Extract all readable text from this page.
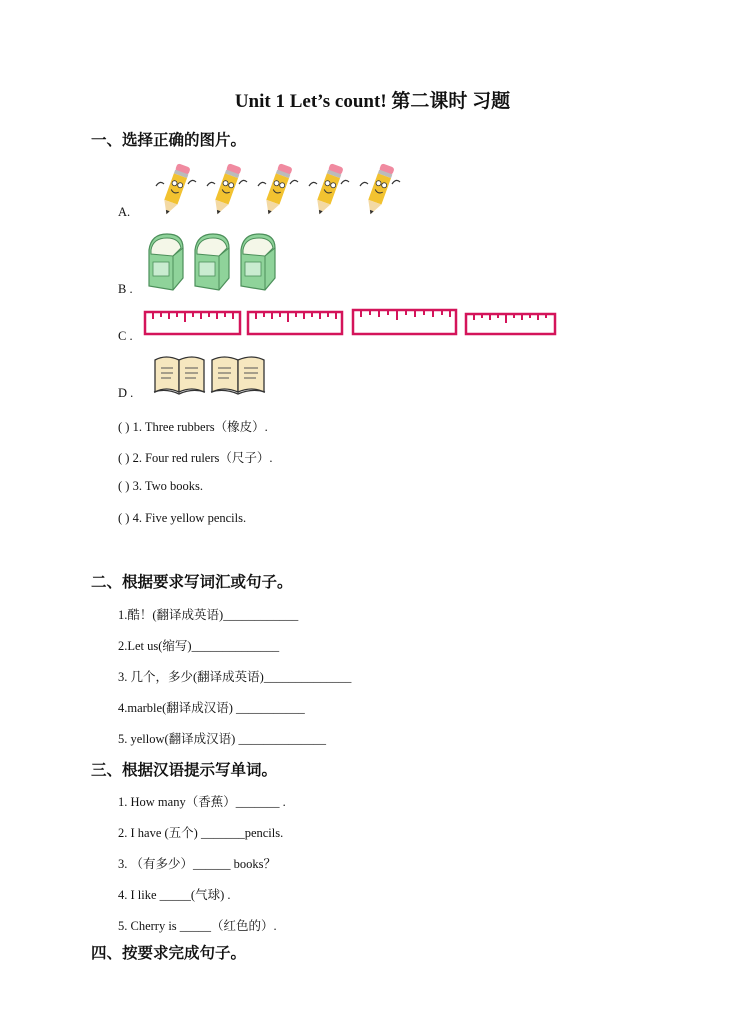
Unit 1 Let’s count! 第二课时 习题
一、选择正确的图片。
A.
B .
C .
D .
( ) 1. Three rubbers（橡皮）.
( ) 2. Four red rulers（尺子）.
( ) 3. Two books.
( ) 4. Five yellow pencils.
二、根据要求写词汇或句子。
1.酷！(翻译成英语)____________
2.Let us(缩写)______________
3. 几个，多少(翻译成英语)______________
4.marble(翻译成汉语) ___________
5. yellow(翻译成汉语) ______________
三、根据汉语提示写单词。
1. How many（香蕉）_______ .
2. I have (五个) _______pencils.
3. （有多少）______ books？
4. I like _____(气球) .
5. Cherry is _____（红色的）.
四、按要求完成句子。
